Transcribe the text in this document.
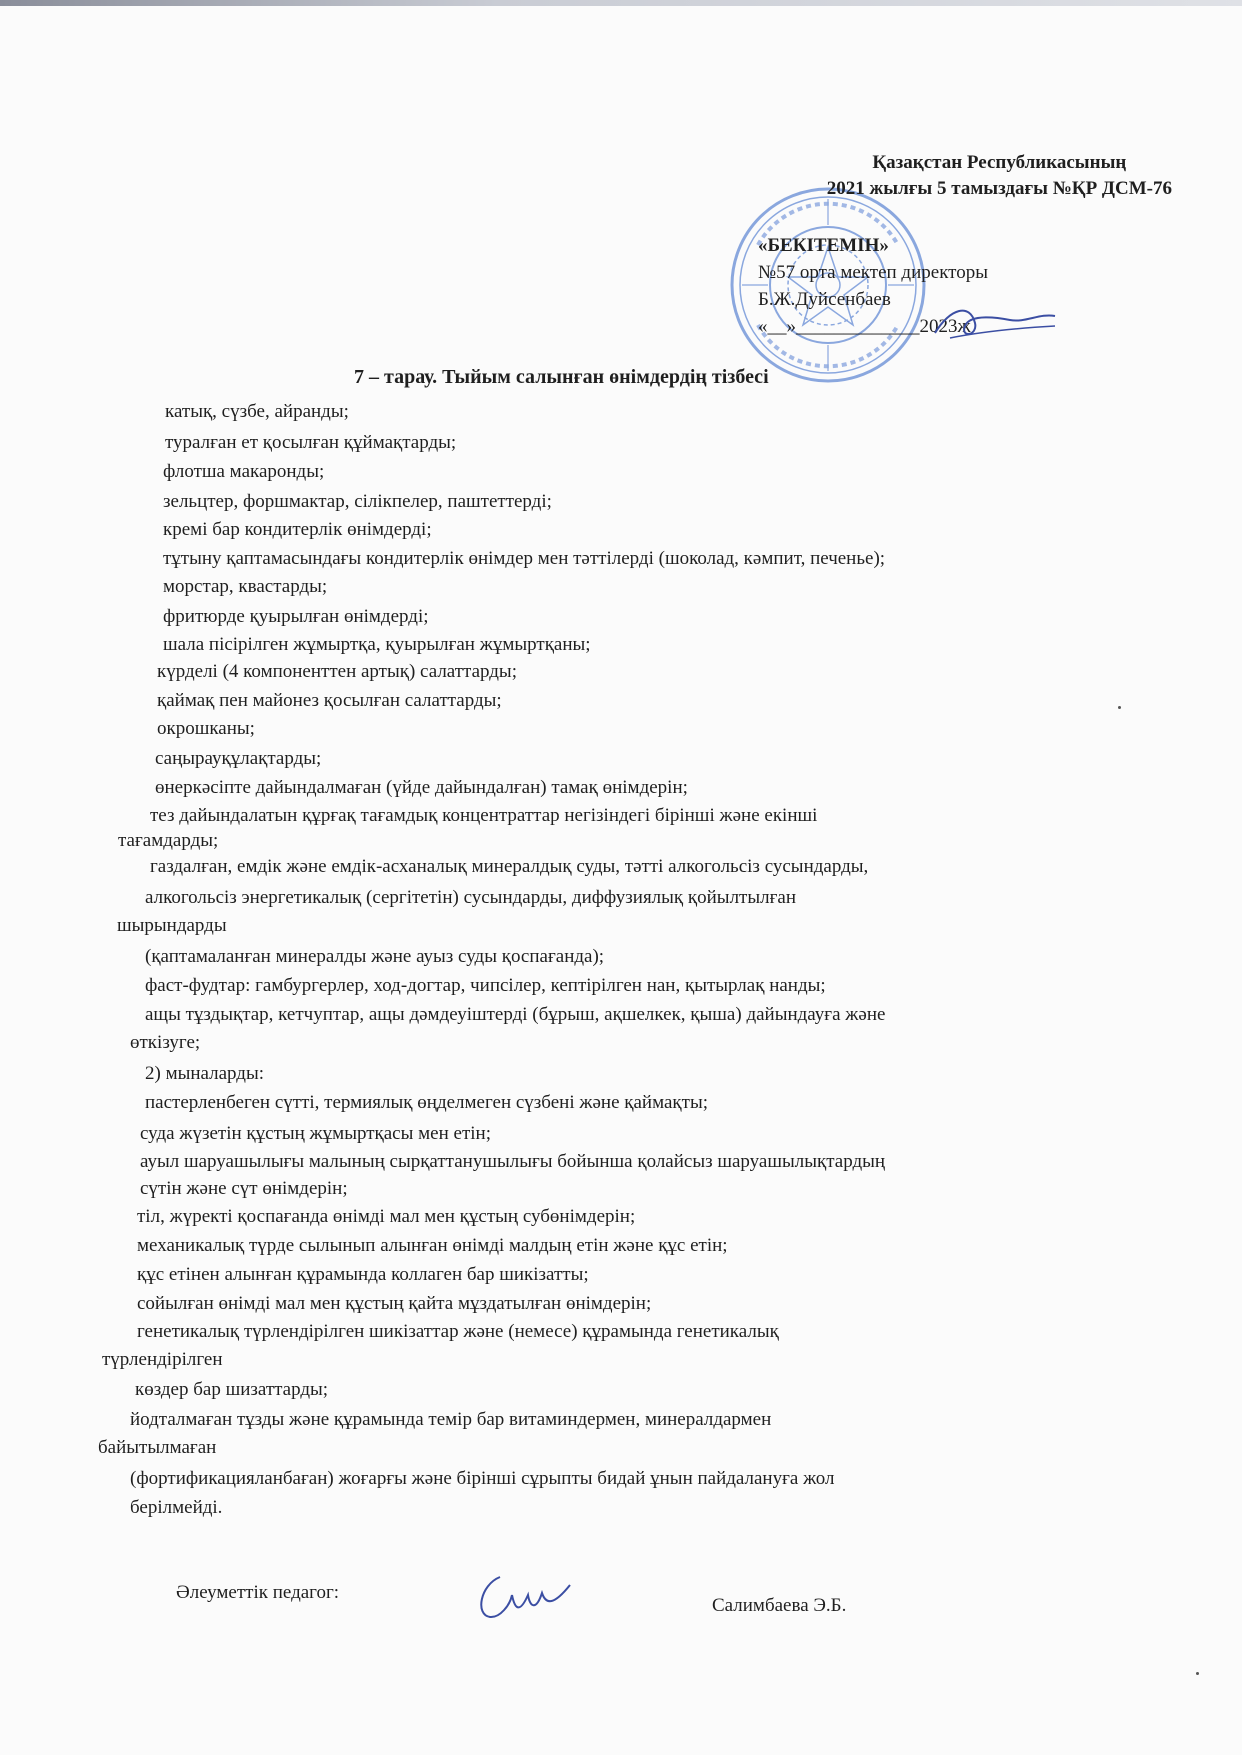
Қазақстан Республикасының
2021 жылғы 5 тамыздағы №ҚР ДСМ-76
«БЕКІТЕМІН»
№57 орта мектеп директоры
Б.Ж.Дуйсенбаев
«__»_____________2023ж
7 – тарау. Тыйым салынған өнімдердің тізбесі
катық, сүзбе, айранды;
туралған ет қосылған құймақтарды;
флотша макаронды;
зельцтер, форшмактар, сілікпелер, паштеттерді;
кремі бар кондитерлік өнімдерді;
тұтыну қаптамасындағы кондитерлік өнімдер мен тәттілерді (шоколад, кәмпит, печенье);
морстар, квастарды;
фритюрде қуырылған өнімдерді;
шала пісірілген жұмыртқа, қуырылған жұмыртқаны;
күрделі (4 компоненттен артық) салаттарды;
қаймақ пен майонез қосылған салаттарды;
окрошканы;
саңырауқұлақтарды;
өнеркәсіпте дайындалмаған (үйде дайындалған) тамақ өнімдерін;
тез дайындалатын құрғақ тағамдық концентраттар негізіндегі бірінші және екінші
тағамдарды;
газдалған, емдік және емдік-асханалық минералдық суды, тәтті алкогольсіз сусындарды,
алкогольсіз энергетикалық (сергітетін) сусындарды, диффузиялық қойылтылған
шырындарды
(қаптамаланған минералды және ауыз суды қоспағанда);
фаст-фудтар: гамбургерлер, ход-догтар, чипсілер, кептірілген нан, қытырлақ нанды;
ащы тұздықтар, кетчуптар, ащы дәмдеуіштерді (бұрыш, ақшелкек, қыша) дайындауға және
өткізуге;
2) мыналарды:
пастерленбеген сүтті, термиялық өңделмеген сүзбені және қаймақты;
суда жүзетін құстың жұмыртқасы мен етін;
ауыл шаруашылығы малының сырқаттанушылығы бойынша қолайсыз шаруашылықтардың
сүтін және сүт өнімдерін;
тіл, жүректі қоспағанда өнімді мал мен құстың субөнімдерін;
механикалық түрде сылынып алынған өнімді малдың етін және құс етін;
құс етінен алынған құрамында коллаген бар шикізатты;
сойылған өнімді мал мен құстың қайта мұздатылған өнімдерін;
генетикалық түрлендірілген шикізаттар және (немесе) құрамында генетикалық
түрлендірілген
көздер бар шизаттарды;
йодталмаған тұзды және құрамында темір бар витаминдермен, минералдармен
байытылмаған
(фортификацияланбаған) жоғарғы және бірінші сұрыпты бидай ұнын пайдалануға жол
берілмейді.
Әлеуметтік педагог:
Салимбаева Э.Б.
